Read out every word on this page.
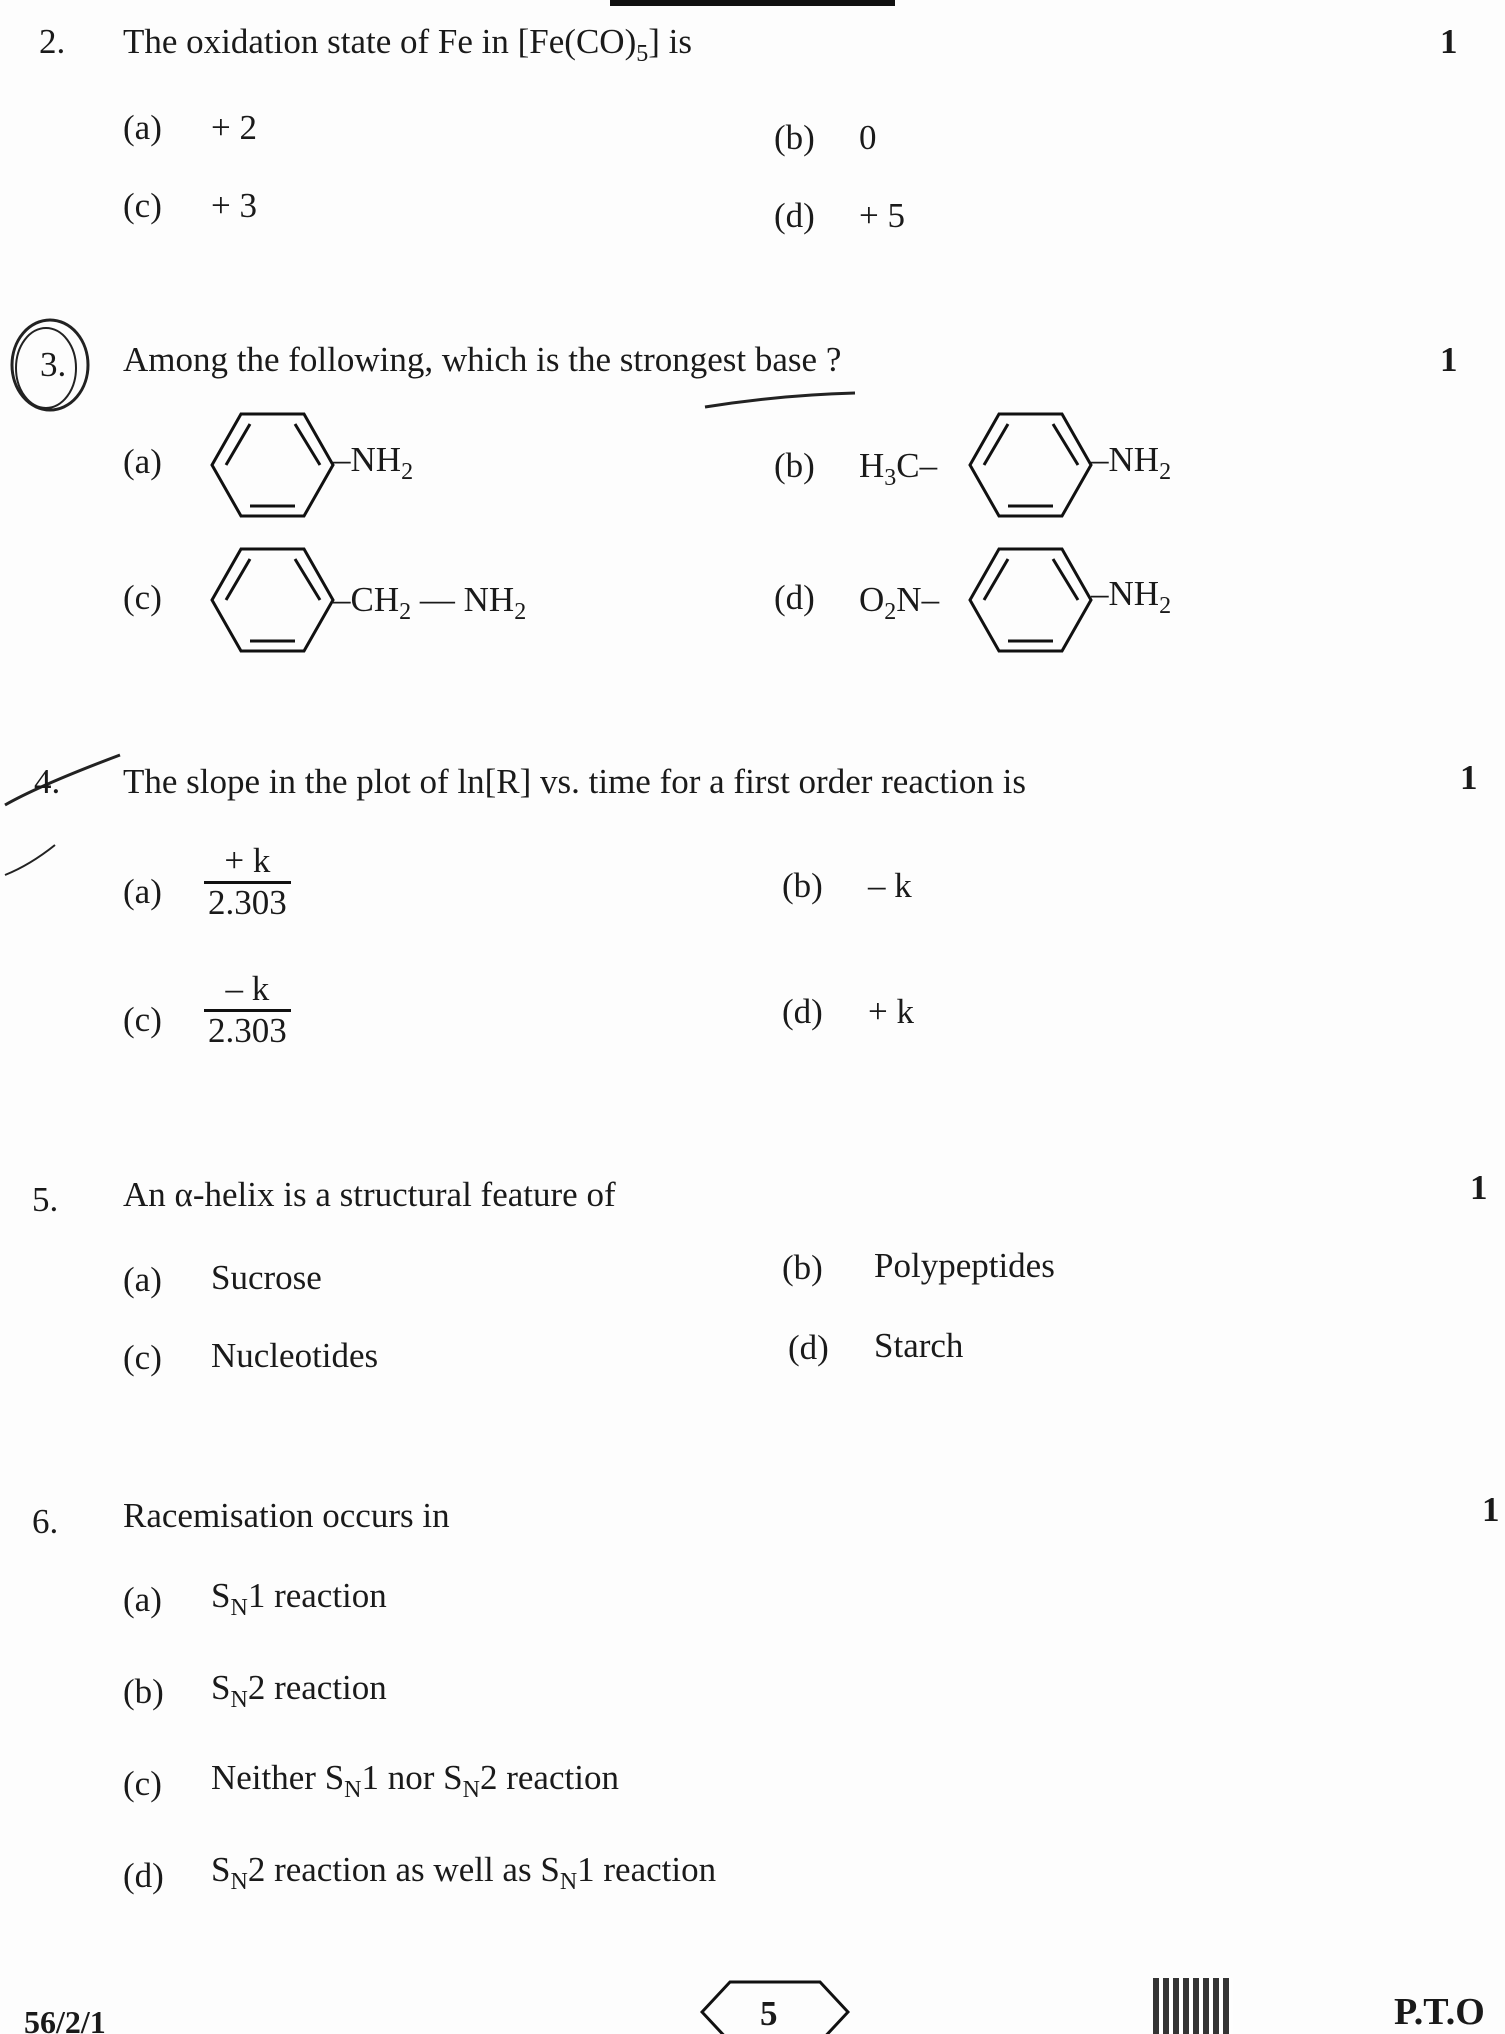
2. The oxidation state of Fe in $[Fe(CO)_5]$ is	1
(a) + 2	(b) 0
(c) + 3	(d) + 5
3. Among the following, which is the strongest base ?	1
(a)	$-NH_2$	(b) $H_3C-$	$-NH_2$
(c)	$-CH_2$ — $NH_2$	(d) $O_2N-$	$-NH_2$
4. The slope in the plot of ln[R] vs. time for a first order reaction is	1
$(a) \frac{+ k}{2.303}$	(b) – k
$(c) \frac{- k}{2.303}$	(d) + k
5. An α-helix is a structural feature of	1
(a) Sucrose	(b) Polypeptides
(c) Nucleotides	(d) Starch
6. Racemisation occurs in	1
(a) $S_N1$ reaction
(b) $S_N2$ reaction
(c) Neither $S_N1$ nor $S_N2$ reaction
(d) $S_N2$ reaction as well as $S_N1$ reaction
56/2/1	5	P.T.O
